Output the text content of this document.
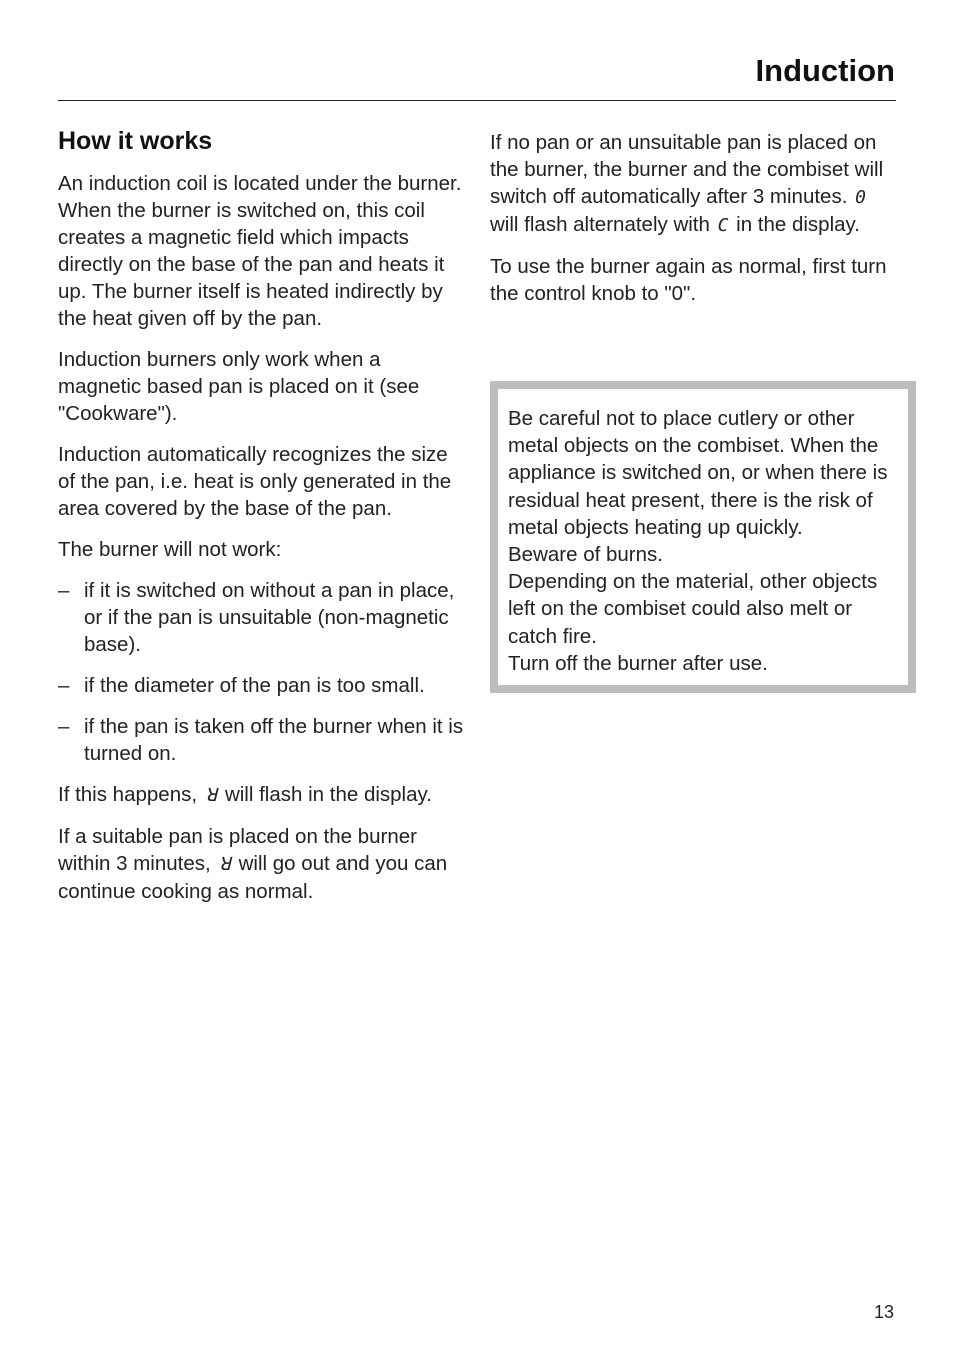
Induction
How it works

An induction coil is located under the burner. When the burner is switched on, this coil creates a magnetic field which impacts directly on the base of the pan and heats it up. The burner itself is heated indirectly by the heat given off by the pan.

Induction burners only work when a magnetic based pan is placed on it (see "Cookware").

Induction automatically recognizes the size of the pan, i.e. heat is only generated in the area covered by the base of the pan.

The burner will not work:

– if it is switched on without a pan in place, or if the pan is unsuitable (non-magnetic base).
– if the diameter of the pan is too small.
– if the pan is taken off the burner when it is turned on.

If this happens, ꓤ will flash in the display.

If a suitable pan is placed on the burner within 3 minutes, ꓤ will go out and you can continue cooking as normal.

If no pan or an unsuitable pan is placed on the burner, the burner and the combiset will switch off automatically after 3 minutes. 0 will flash alternately with C in the display.

To use the burner again as normal, first turn the control knob to "0".

Be careful not to place cutlery or other metal objects on the combiset. When the appliance is switched on, or when there is residual heat present, there is the risk of metal objects heating up quickly.

Beware of burns.

Depending on the material, other objects left on the combiset could also melt or catch fire.

Turn off the burner after use.

13
